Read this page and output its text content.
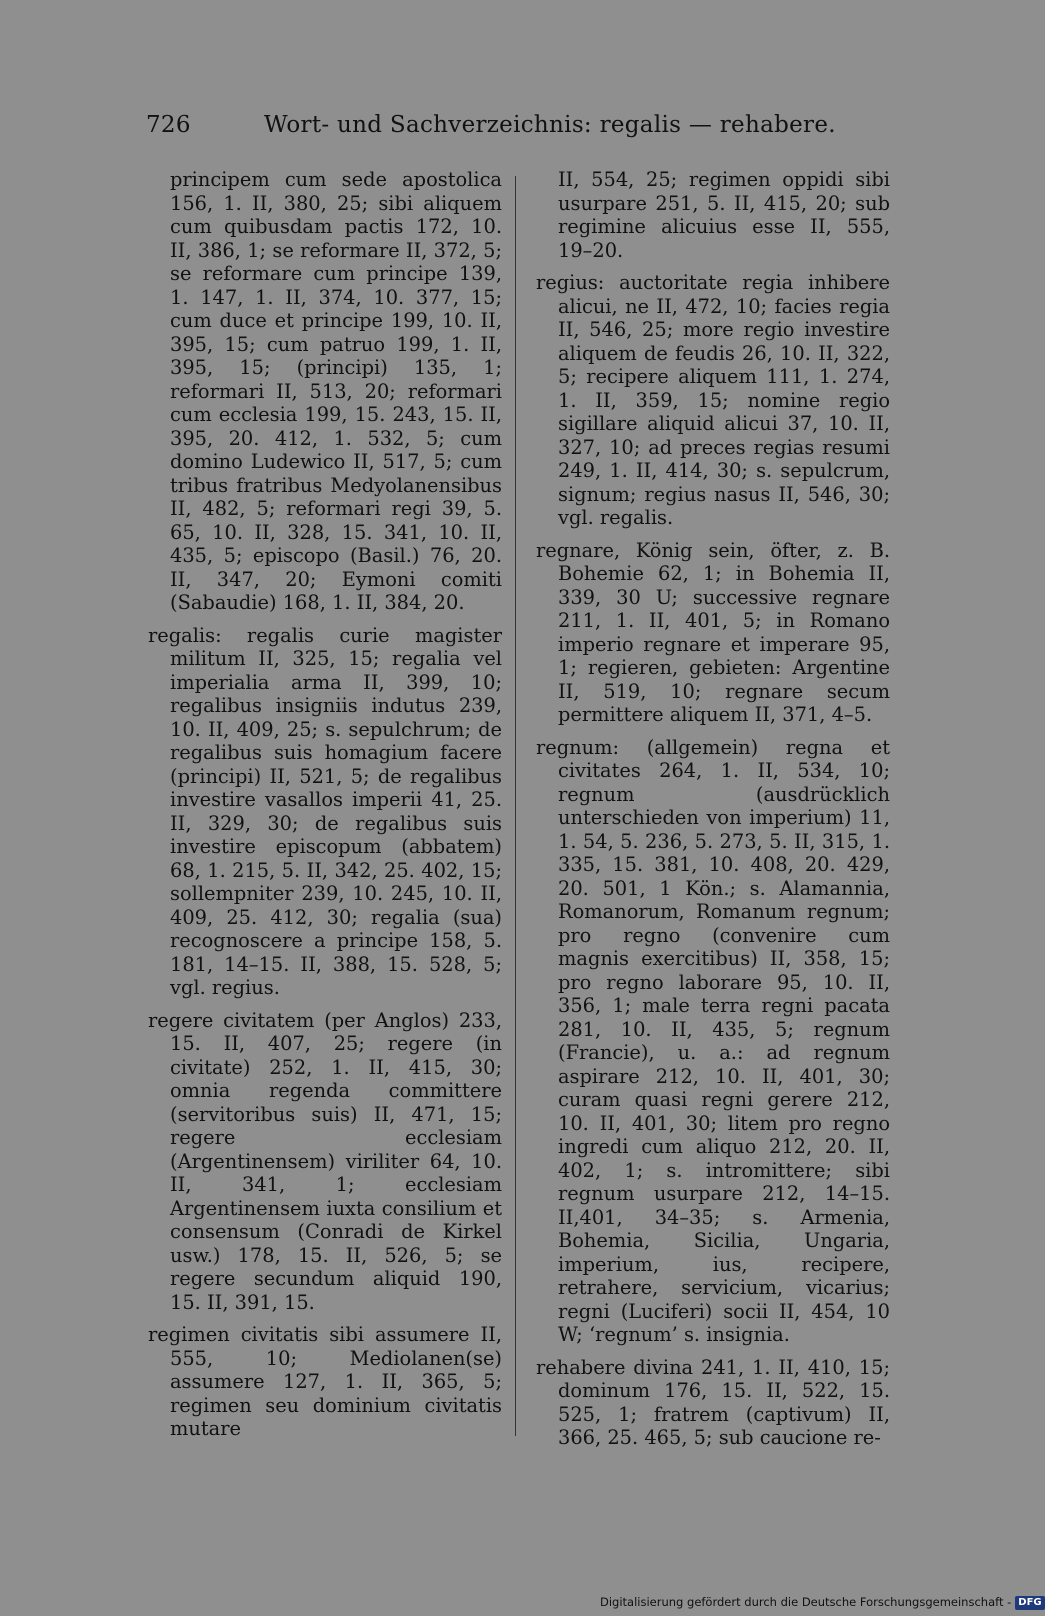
726	Wort- und Sachverzeichnis: regalis — rehabere.

principem cum sede apostolica 156, 1. II, 380, 25; sibi aliquem cum quibusdam pactis 172, 10. II, 386, 1; se reformare II, 372, 5; se reformare cum principe 139, 1. 147, 1. II, 374, 10. 377, 15; cum duce et principe 199, 10. II, 395, 15; cum patruo 199, 1. II, 395, 15; (principi) 135, 1; reformari II, 513, 20; reformari cum ecclesia 199, 15. 243, 15. II, 395, 20. 412, 1. 532, 5; cum domino Ludewico II, 517, 5; cum tribus fratribus Medyolanensibus II, 482, 5; reformari regi 39, 5. 65, 10. II, 328, 15. 341, 10. II, 435, 5; episcopo (Basil.) 76, 20. II, 347, 20; Eymoni comiti (Sabaudie) 168, 1. II, 384, 20.

regalis: regalis curie magister militum II, 325, 15; regalia vel imperialia arma II, 399, 10; regalibus insigniis indutus 239, 10. II, 409, 25; s. sepulchrum; de regalibus suis homagium facere (principi) II, 521, 5; de regalibus investire vasallos imperii 41, 25. II, 329, 30; de regalibus suis investire episcopum (abbatem) 68, 1. 215, 5. II, 342, 25. 402, 15; sollempniter 239, 10. 245, 10. II, 409, 25. 412, 30; regalia (sua) recognoscere a principe 158, 5. 181, 14–15. II, 388, 15. 528, 5; vgl. regius.

regere civitatem (per Anglos) 233, 15. II, 407, 25; regere (in civitate) 252, 1. II, 415, 30; omnia regenda committere (servitoribus suis) II, 471, 15; regere ecclesiam (Argentinensem) viriliter 64, 10. II, 341, 1; ecclesiam Argentinensem iuxta consilium et consensum (Conradi de Kirkel usw.) 178, 15. II, 526, 5; se regere secundum aliquid 190, 15. II, 391, 15.

regimen civitatis sibi assumere II, 555, 10; Mediolanen(se) assumere 127, 1. II, 365, 5; regimen seu dominium civitatis mutare

II, 554, 25; regimen oppidi sibi usurpare 251, 5. II, 415, 20; sub regimine alicuius esse II, 555, 19–20.

regius: auctoritate regia inhibere alicui, ne II, 472, 10; facies regia II, 546, 25; more regio investire aliquem de feudis 26, 10. II, 322, 5; recipere aliquem 111, 1. 274, 1. II, 359, 15; nomine regio sigillare aliquid alicui 37, 10. II, 327, 10; ad preces regias resumi 249, 1. II, 414, 30; s. sepulcrum, signum; regius nasus II, 546, 30; vgl. regalis.

regnare, König sein, öfter, z. B. Bohemie 62, 1; in Bohemia II, 339, 30 U; successive regnare 211, 1. II, 401, 5; in Romano imperio regnare et imperare 95, 1; regieren, gebieten: Argentine II, 519, 10; regnare secum permittere aliquem II, 371, 4–5.

regnum: (allgemein) regna et civitates 264, 1. II, 534, 10; regnum (ausdrücklich unterschieden von imperium) 11, 1. 54, 5. 236, 5. 273, 5. II, 315, 1. 335, 15. 381, 10. 408, 20. 429, 20. 501, 1 Kön.; s. Alamannia, Romanorum, Romanum regnum; pro regno (convenire cum magnis exercitibus) II, 358, 15; pro regno laborare 95, 10. II, 356, 1; male terra regni pacata 281, 10. II, 435, 5; regnum (Francie), u. a.: ad regnum aspirare 212, 10. II, 401, 30; curam quasi regni gerere 212, 10. II, 401, 30; litem pro regno ingredi cum aliquo 212, 20. II, 402, 1; s. intromittere; sibi regnum usurpare 212, 14–15. II,401, 34–35; s. Armenia, Bohemia, Sicilia, Ungaria, imperium, ius, recipere, retrahere, servicium, vicarius; regni (Luciferi) socii II, 454, 10 W; ‘regnum’ s. insignia.

rehabere divina 241, 1. II, 410, 15; dominum 176, 15. II, 522, 15. 525, 1; fratrem (captivum) II, 366, 25. 465, 5; sub caucione re-

Digitalisierung gefördert durch die Deutsche Forschungsgemeinschaft - DFG
